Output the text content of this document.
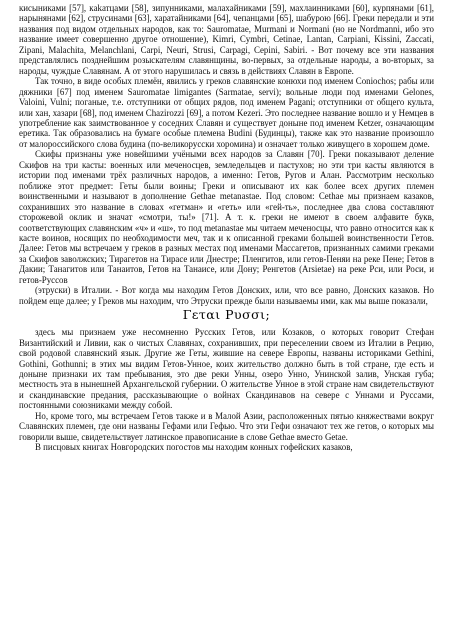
кисыниками [57], кakатцами [58], зипунниками, малахайниками [59], махлаинниками [60], курпянами [61], нарынянами [62], струсинами [63], харатайниками [64], чепанцами [65], шабурою [66]. Греки передали и эти названия под видом отдельных народов, как то: Sauromatae, Murmani и Normani (но не Nordmanni, ибо это название имеет совершенно другое отношение), Kimri, Cymbri, Cetinae, Lantan, Carpiani, Kissini, Zaccati, Zipani, Malachita, Melanchlani, Carpi, Neuri, Strusi, Carpagi, Cepini, Sabiri. - Вот почему все эти названия представлялись позднейшим розыскателям славянщины, во-первых, за отдельные народы, а во-вторых, за народы, чуждые Славянам. А от этого нарушилась и связь в действиях Славян в Европе.

Так точно, в виде особых племён, явились у греков славянские конюхи под именем Conioсhos; рабы или дяжники [67] под именем Sauromatae limigantes (Sarmatae, servi); вольные люди под именами Gelones, Valoini, Vulni; поганые, т.е. отступники от общих рядов, под именем Pagani; отступники от общего культа, или хан, хазари [68], под именем Chazirozzi [69], а потом Kezeri. Это последнее название вошло и у Немцев в употребление как заимствованное у соседних Славян и существует доныне под именем Ketzer, означающим еретика. Так образовались на бумаге особые племена Budini (Будинцы), также как это название произошло от малороссийского слова будина (по-великорусски хоромина) и означает только живущего в хорошем доме.

Скифы признаны уже новейшими учёными всех народов за Славян [70]. Греки показывают деление Скифов на три касты: военных или меченосцев, земледельцев и пастухов; но эти три касты являются в истории под именами трёх различных народов, а именно: Гетов, Ругов и Алан. Рассмотрим несколько поближе этот предмет: Геты были воины; Греки и описывают их как более всех других племен воинственными и называют в дополнение Gethae metanastae. Под словом: Cethae мы признаем казаков, сохранивших это название в словах «гетман» и «геть» или «гей-ть», последнее два слова составляют сторожевой оклик и значат «смотри, ты!» [71]. А т. к. греки не имеют в своем алфавите букв, соответствующих славянским «ч» и «ш», то под metanastae мы читаем меченосцы, что равно относится как к касте воинов, носящих по необходимости меч, так и к описанной греками большей воинственности Гетов. Далее: Гетов мы встречаем у греков в разных местах под именами Массагетов, признанных самими греками за Скифов заволжских; Тирагетов на Тирасе или Днестре; Пленгитов, или гетов-Пеняи на реке Пене; Гетов в Дакии; Танагитов или Танаитов, Гетов на Танаисе, или Дону; Ренгетов (Arsietae) на реке Рси, или Роси, и гетов-Руссов

(этруски) в Италии. - Вот когда мы находим Гетов Донских, или, что все равно, Донских казаков. Но пойдем еще далее; у Греков мы находим, что Этруски прежде были называемы ими, как мы выше показали,

Γεται Ρυσσι;

здесь мы признаем уже несомненно Русских Гетов, или Козаков, о которых говорит Стефан Византийский и Ливии, как о чистых Славянах, сохранивших, при переселении своем из Италии в Рецию, свой родовой славянский язык. Другие же Геты, жившие на севере Европы, названы историками Gethini, Gothini, Gothunni; в этих мы видим Гетов-Унное, коих жительство должно быть в той стране, где есть и доныне признаки их там пребывания, это две реки Унны, озеро Унно, Унинской залив, Унская губа; местность эта в нынешней Архангельской губернии. О жительстве Унное в этой стране нам свидетельствуют и скандинавские предания, рассказывающие о войнах Скандинавов на севере с Уннами и Руссами, постоянными союзниками между собой.

Но, кроме того, мы встречаем Гетов также и в Малой Азии, расположенных пятью княжествами вокруг Славянских племен, где они названы Гефами или Гефью. Что эти Гефи означают тех же гетов, о которых мы говорили выше, свидетельствует латинское правописание в слове Gethae вместо Getae.

В писцовых книгах Новгородских погостов мы находим конных гофейских казаков,
